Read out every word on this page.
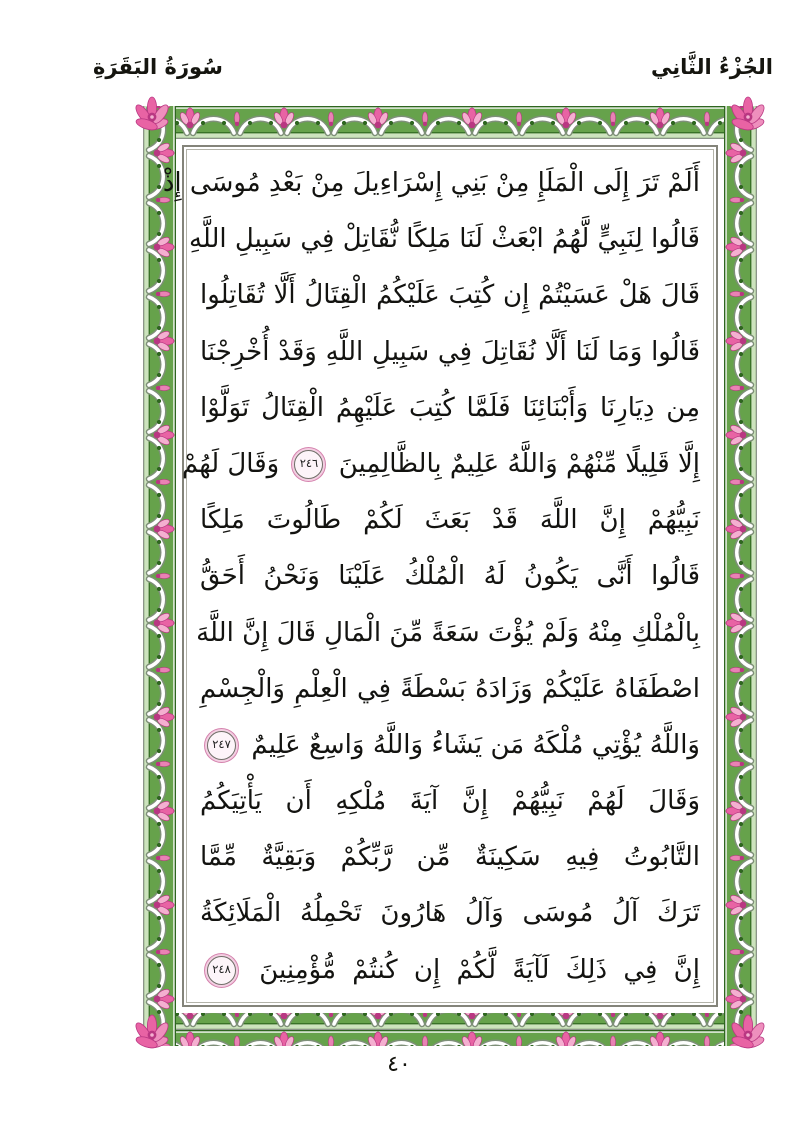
سُورَةُ البَقَرَةِ	الجُزْءُ الثَّانِي
أَلَمْ تَرَ إِلَى الْمَلَإِ مِنْ بَنِي إِسْرَاءِيلَ مِنْ بَعْدِ مُوسَى إِذْ
قَالُوا لِنَبِيٍّ لَّهُمُ ابْعَثْ لَنَا مَلِكًا نُّقَاتِلْ فِي سَبِيلِ اللَّهِ
قَالَ هَلْ عَسَيْتُمْ إِن كُتِبَ عَلَيْكُمُ الْقِتَالُ أَلَّا تُقَاتِلُوا
قَالُوا وَمَا لَنَا أَلَّا نُقَاتِلَ فِي سَبِيلِ اللَّهِ وَقَدْ أُخْرِجْنَا
مِن دِيَارِنَا وَأَبْنَائِنَا فَلَمَّا كُتِبَ عَلَيْهِمُ الْقِتَالُ تَوَلَّوْا
إِلَّا قَلِيلًا مِّنْهُمْ وَاللَّهُ عَلِيمٌ بِالظَّالِمِينَ ٢٤٦ وَقَالَ لَهُمْ
نَبِيُّهُمْ إِنَّ اللَّهَ قَدْ بَعَثَ لَكُمْ طَالُوتَ مَلِكًا
قَالُوا أَنَّى يَكُونُ لَهُ الْمُلْكُ عَلَيْنَا وَنَحْنُ أَحَقُّ
بِالْمُلْكِ مِنْهُ وَلَمْ يُؤْتَ سَعَةً مِّنَ الْمَالِ قَالَ إِنَّ اللَّهَ
اصْطَفَاهُ عَلَيْكُمْ وَزَادَهُ بَسْطَةً فِي الْعِلْمِ وَالْجِسْمِ
وَاللَّهُ يُؤْتِي مُلْكَهُ مَن يَشَاءُ وَاللَّهُ وَاسِعٌ عَلِيمٌ ٢٤٧
وَقَالَ لَهُمْ نَبِيُّهُمْ إِنَّ آيَةَ مُلْكِهِ أَن يَأْتِيَكُمُ
التَّابُوتُ فِيهِ سَكِينَةٌ مِّن رَّبِّكُمْ وَبَقِيَّةٌ مِّمَّا
تَرَكَ آلُ مُوسَى وَآلُ هَارُونَ تَحْمِلُهُ الْمَلَائِكَةُ
إِنَّ فِي ذَلِكَ لَآيَةً لَّكُمْ إِن كُنتُمْ مُّؤْمِنِينَ ٢٤٨
٤٠
